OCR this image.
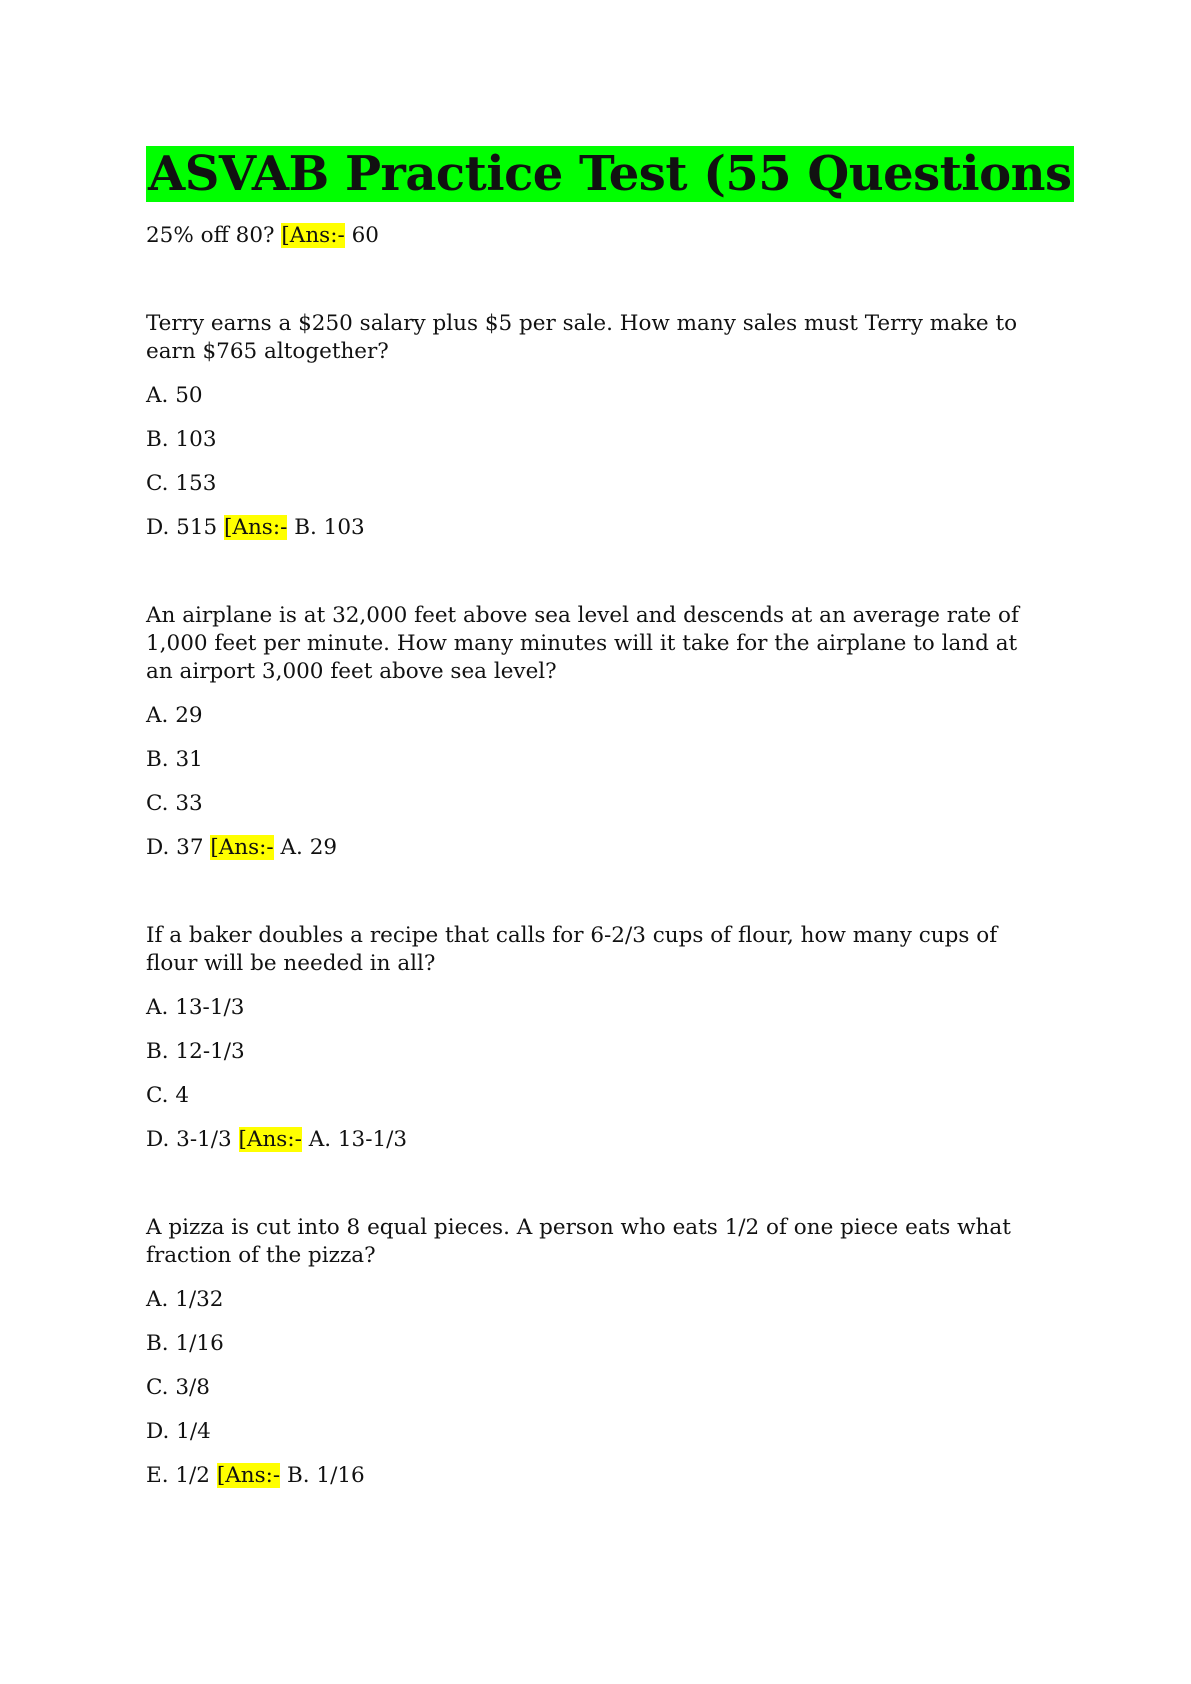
ASVAB Practice Test (55 Questions

25% off 80? [Ans:- 60

Terry earns a $250 salary plus $5 per sale. How many sales must Terry make to earn $765 altogether?

A. 50

B. 103

C. 153

D. 515 [Ans:- B. 103

An airplane is at 32,000 feet above sea level and descends at an average rate of 1,000 feet per minute. How many minutes will it take for the airplane to land at an airport 3,000 feet above sea level?

A. 29

B. 31

C. 33

D. 37 [Ans:- A. 29

If a baker doubles a recipe that calls for 6-2/3 cups of flour, how many cups of flour will be needed in all?

A. 13-1/3

B. 12-1/3

C. 4

D. 3-1/3 [Ans:- A. 13-1/3

A pizza is cut into 8 equal pieces. A person who eats 1/2 of one piece eats what fraction of the pizza?

A. 1/32

B. 1/16

C. 3/8

D. 1/4

E. 1/2 [Ans:- B. 1/16
